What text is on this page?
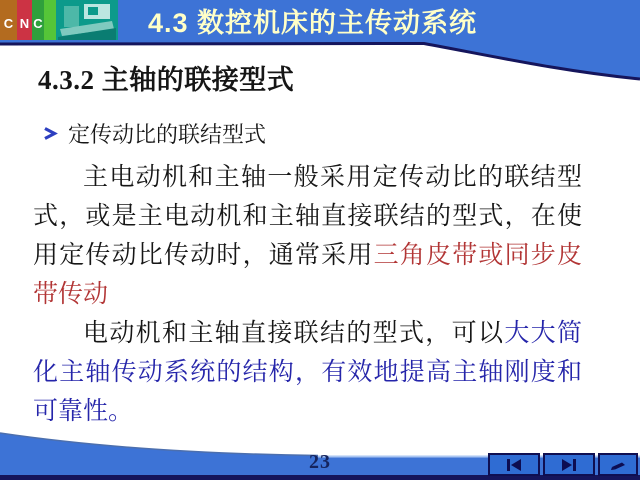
C N C	4.3 数控机床的主传动系统
4.3.2 主轴的联接型式
定传动比的联结型式

主电动机和主轴一般采用定传动比的联结型式，或是主电动机和主轴直接联结的型式，在使用定传动比传动时，通常采用三角皮带或同步皮带传动

电动机和主轴直接联结的型式，可以大大简化主轴传动系统的结构，有效地提高主轴刚度和可靠性。

23
